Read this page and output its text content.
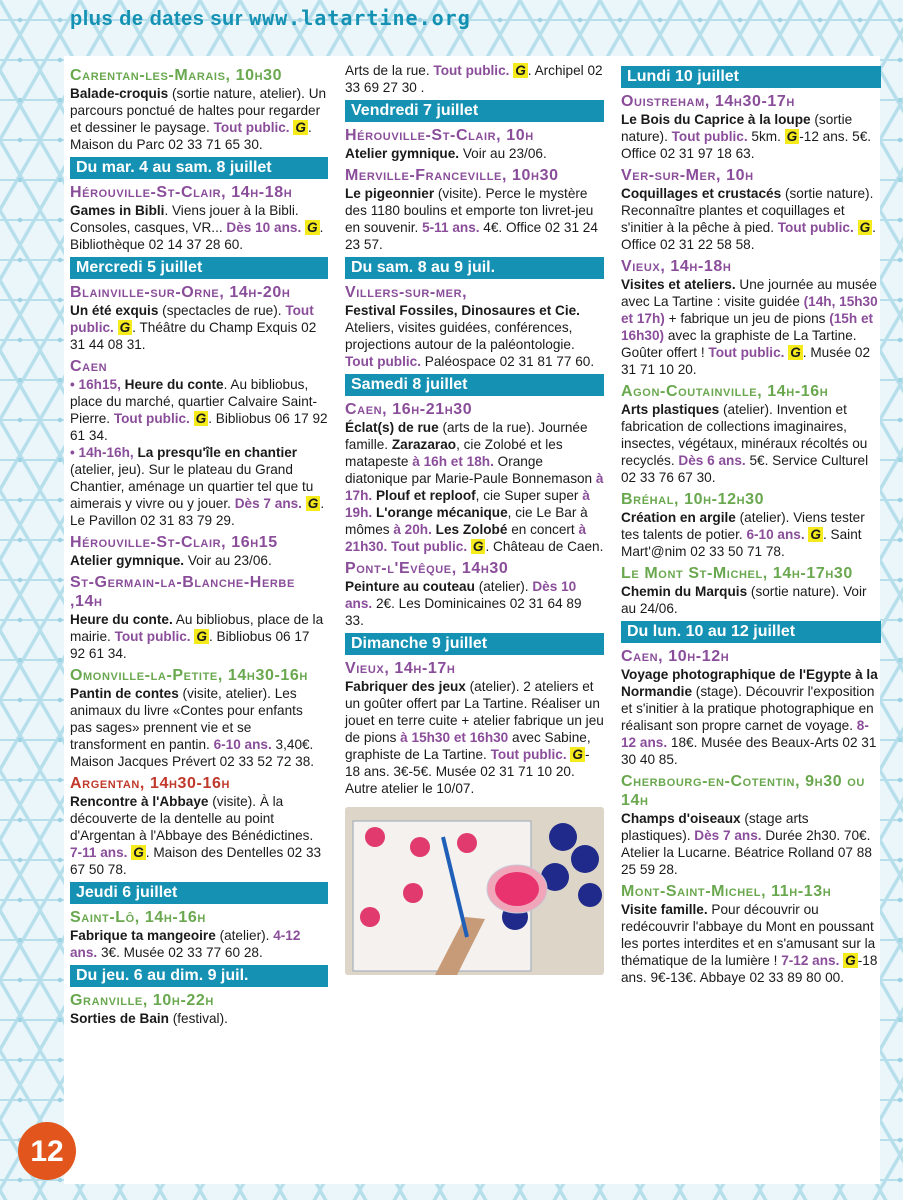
plus de dates sur www.latartine.org
Carentan-les-Marais, 10h30

Balade-croquis (sortie nature, atelier). Un parcours ponctué de haltes pour regarder et dessiner le paysage. Tout public. G . Maison du Parc 02 33 71 65 30.

Du mar. 4 au sam. 8 juillet
Hérouville-St-Clair, 14h-18h

Games in Bibli. Viens jouer à la Bibli. Consoles, casques, VR... Dès 10 ans. G . Bibliothèque 02 14 37 28 60.

Mercredi 5 juillet
Blainville-sur-Orne, 14h-20h

Un été exquis (spectacles de rue). Tout public. G . Théâtre du Champ Exquis 02 31 44 08 31.

Caen

• 16h15, Heure du conte. Au bibliobus, place du marché, quartier Calvaire Saint-Pierre. Tout public. G . Bibliobus 06 17 92 61 34.

• 14h-16h, La presqu'île en chantier (atelier, jeu). Sur le plateau du Grand Chantier, aménage un quartier tel que tu aimerais y vivre ou y jouer. Dès 7 ans. G . Le Pavillon 02 31 83 79 29.

Hérouville-St-Clair, 16h15

Atelier gymnique. Voir au 23/06.

St-Germain-la-Blanche-Herbe ,14h

Heure du conte. Au bibliobus, place de la mairie. Tout public. G . Bibliobus 06 17 92 61 34.

Omonville-la-Petite, 14h30-16h

Pantin de contes (visite, atelier). Les animaux du livre «Contes pour enfants pas sages» prennent vie et se transforment en pantin. 6-10 ans. 3,40€. Maison Jacques Prévert 02 33 52 72 38.

Argentan, 14h30-16h

Rencontre à l'Abbaye (visite). À la découverte de la dentelle au point d'Argentan à l'Abbaye des Bénédictines. 7-11 ans. G . Maison des Dentelles 02 33 67 50 78.

Jeudi 6 juillet
Saint-Lô, 14h-16h

Fabrique ta mangeoire (atelier). 4-12 ans. 3€. Musée 02 33 77 60 28.

Du jeu. 6 au dim. 9 juil.
Granville, 10h-22h

Sorties de Bain (festival).

Arts de la rue. Tout public. G . Archipel 02 33 69 27 30 .

Vendredi 7 juillet
Hérouville-St-Clair, 10h

Atelier gymnique. Voir au 23/06.

Merville-Franceville, 10h30

Le pigeonnier (visite). Perce le mystère des 1180 boulins et emporte ton livret-jeu en souvenir. 5-11 ans. 4€. Office 02 31 24 23 57.

Du sam. 8 au 9 juil.
Villers-sur-mer,

Festival Fossiles, Dinosaures et Cie. Ateliers, visites guidées, conférences, projections autour de la paléontologie. Tout public. Paléospace 02 31 81 77 60.

Samedi 8 juillet
Caen, 16h-21h30

Éclat(s) de rue (arts de la rue). Journée famille. Zarazarao, cie Zolobé et les matapeste à 16h et 18h. Orange diatonique par Marie-Paule Bonnemason à 17h. Plouf et reploof, cie Super super à 19h. L'orange mécanique, cie Le Bar à mômes à 20h. Les Zolobé en concert à 21h30. Tout public. G . Château de Caen.

Pont-l'Evêque, 14h30

Peinture au couteau (atelier). Dès 10 ans. 2€. Les Dominicaines 02 31 64 89 33.

Dimanche 9 juillet
Vieux, 14h-17h

Fabriquer des jeux (atelier). 2 ateliers et un goûter offert par La Tartine. Réaliser un jouet en terre cuite + atelier fabrique un jeu de pions à 15h30 et 16h30 avec Sabine, graphiste de La Tartine. Tout public. G -18 ans. 3€-5€. Musée 02 31 71 10 20. Autre atelier le 10/07.

Lundi 10 juillet
Ouistreham, 14h30-17h

Le Bois du Caprice à la loupe (sortie nature). Tout public. 5km. G -12 ans. 5€. Office 02 31 97 18 63.

Ver-sur-Mer, 10h

Coquillages et crustacés (sortie nature). Reconnaître plantes et coquillages et s'initier à la pêche à pied. Tout public. G . Office 02 31 22 58 58.

Vieux, 14h-18h

Visites et ateliers. Une journée au musée avec La Tartine : visite guidée (14h, 15h30 et 17h) + fabrique un jeu de pions (15h et 16h30) avec la graphiste de La Tartine. Goûter offert ! Tout public. G . Musée 02 31 71 10 20.

Agon-Coutainville, 14h-16h

Arts plastiques (atelier). Invention et fabrication de collections imaginaires, insectes, végétaux, minéraux récoltés ou recyclés. Dès 6 ans. 5€. Service Culturel 02 33 76 67 30.

Bréhal, 10h-12h30

Création en argile (atelier). Viens tester tes talents de potier. 6-10 ans. G . Saint Mart'@nim 02 33 50 71 78.

Le Mont St-Michel, 14h-17h30

Chemin du Marquis (sortie nature). Voir au 24/06.

Du lun. 10 au 12 juillet
Caen, 10h-12h

Voyage photographique de l'Egypte à la Normandie (stage). Découvrir l'exposition et s'initier à la pratique photographique en réalisant son propre carnet de voyage. 8-12 ans. 18€. Musée des Beaux-Arts 02 31 30 40 85.

Cherbourg-en-Cotentin, 9h30 ou 14h

Champs d'oiseaux (stage arts plastiques). Dès 7 ans. Durée 2h30. 70€. Atelier la Lucarne. Béatrice Rolland 07 88 25 59 28.

Mont-Saint-Michel, 11h-13h

Visite famille. Pour découvrir ou redécouvrir l'abbaye du Mont en poussant les portes interdites et en s'amusant sur la thématique de la lumière ! 7-12 ans. G -18 ans. 9€-13€. Abbaye 02 33 89 80 00.

12
